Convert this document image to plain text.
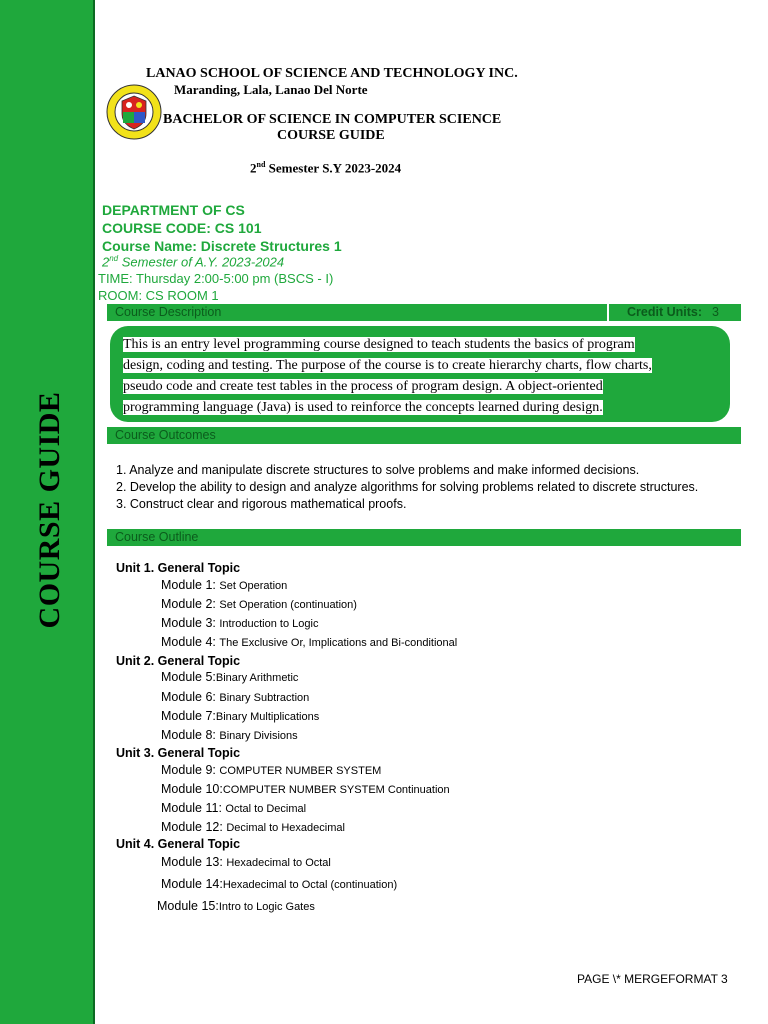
COURSE GUIDE
LANAO SCHOOL OF SCIENCE AND TECHNOLOGY INC.
Maranding, Lala, Lanao Del Norte
BACHELOR OF SCIENCE IN COMPUTER SCIENCE
COURSE GUIDE
2nd Semester S.Y 2023-2024
DEPARTMENT OF CS
COURSE CODE: CS 101
Course Name: Discrete Structures 1
2nd Semester of A.Y. 2023-2024
TIME: Thursday 2:00-5:00 pm (BSCS - I)
ROOM: CS ROOM 1
Course Description	Credit Units: 3
This is an entry level programming course designed to teach students the basics of program
design, coding and testing. The purpose of the course is to create hierarchy charts, flow charts,
pseudo code and create test tables in the process of program design. A object-oriented
programming language (Java) is used to reinforce the concepts learned during design.
Course Outcomes
1. Analyze and manipulate discrete structures to solve problems and make informed decisions.
2. Develop the ability to design and analyze algorithms for solving problems related to discrete structures.
3. Construct clear and rigorous mathematical proofs.
Course Outline
Unit 1. General Topic
Module 1: Set Operation
Module 2: Set Operation (continuation)
Module 3: Introduction to Logic
Module 4: The Exclusive Or, Implications and Bi-conditional
Unit 2. General Topic
Module 5:Binary Arithmetic
Module 6: Binary Subtraction
Module 7:Binary Multiplications
Module 8: Binary Divisions
Unit 3. General Topic
Module 9: COMPUTER NUMBER SYSTEM
Module 10:COMPUTER NUMBER SYSTEM Continuation
Module 11: Octal to Decimal
Module 12: Decimal to Hexadecimal
Unit 4. General Topic
Module 13: Hexadecimal to Octal
Module 14:Hexadecimal to Octal (continuation)
Module 15:Intro to Logic Gates
PAGE \* MERGEFORMAT 3
